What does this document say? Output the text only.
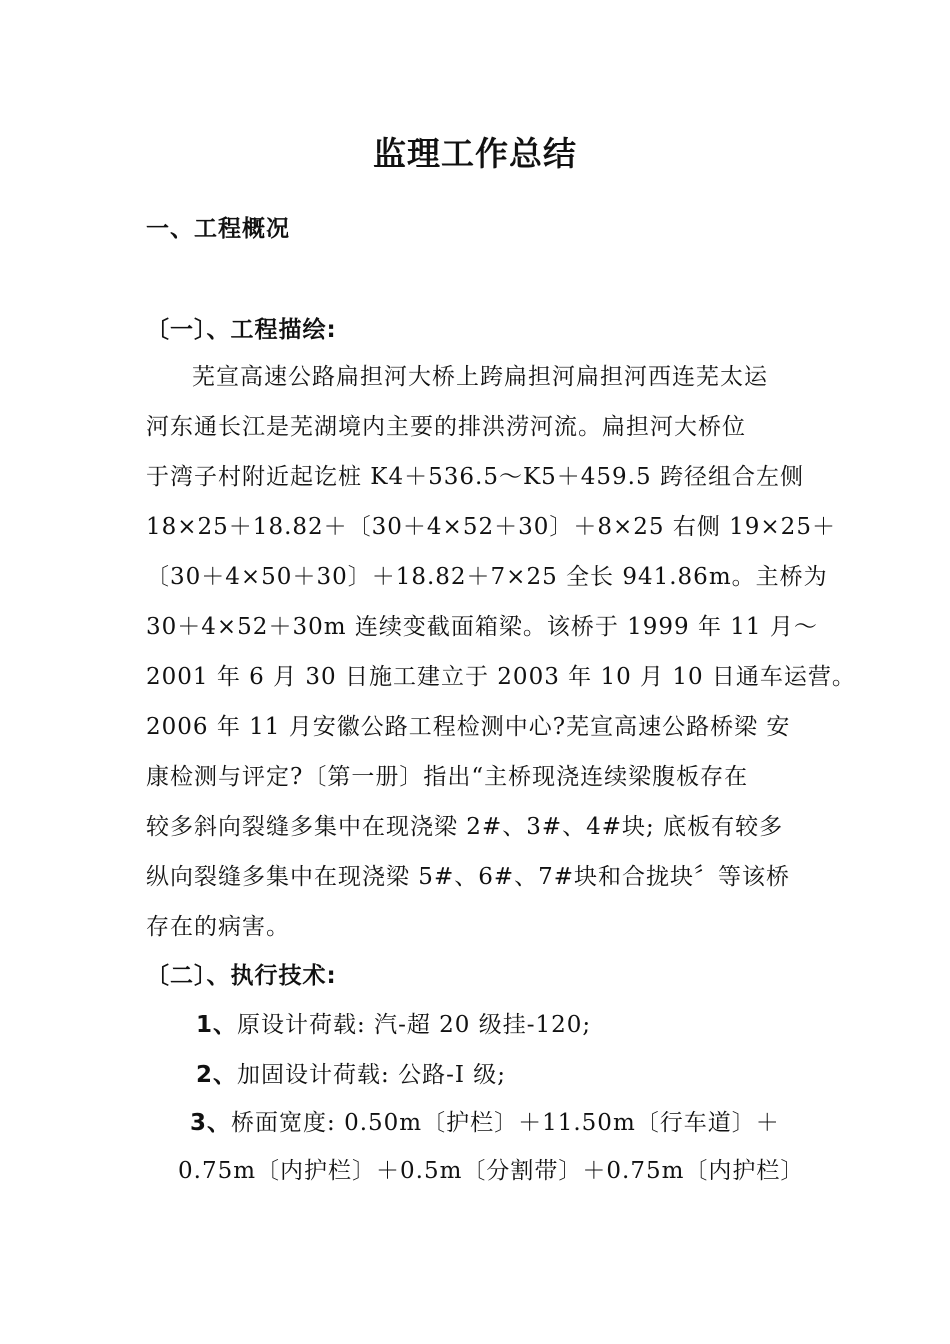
监理工作总结
一、工程概况
〔一〕、工程描绘:
芜宣高速公路扁担河大桥上跨扁担河扁担河西连芜太运
河东通长江是芜湖境内主要的排洪涝河流。扁担河大桥位
于湾子村附近起讫桩 K4＋536.5～K5＋459.5 跨径组合左侧
18×25＋18.82＋〔30＋4×52＋30〕＋8×25 右侧 19×25＋
〔30＋4×50＋30〕＋18.82＋7×25 全长 941.86m。主桥为
30＋4×52＋30m 连续变截面箱梁。该桥于 1999 年 11 月～
2001 年 6 月 30 日施工建立于 2003 年 10 月 10 日通车运营。
2006 年 11 月安徽公路工程检测中心?芜宣高速公路桥梁 安
康检测与评定?〔第一册〕指出“主桥现浇连续梁腹板存在
较多斜向裂缝多集中在现浇梁 2#、3#、4#块; 底板有较多
纵向裂缝多集中在现浇梁 5#、6#、7#块和合拢块〞等该桥
存在的病害。
〔二〕、执行技术:
1、原设计荷载: 汽-超 20 级挂-120;
2、加固设计荷载: 公路-Ⅰ 级;
3、桥面宽度: 0.50m〔护栏〕＋11.50m〔行车道〕＋
0.75m〔内护栏〕＋0.5m〔分割带〕＋0.75m〔内护栏〕
